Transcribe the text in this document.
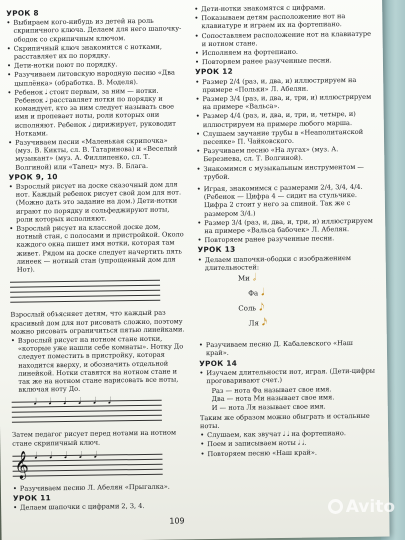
УРОК 8
• Выбираем кого-нибудь из детей на роль скрипичного ключа. Делаем для него шапочку-ободок со скрипичным ключом.
• Скрипичный ключ знакомится с нотками, расставляет их по порядку.
• Дети-нотки поют по порядку.
• Разучиваем литовскую народную песню «Два цыплёнка» (обработка. В. Моделя).
• Ребенок 𝅘𝅥 стоит первым, за ним — нотки. Ребенок 𝅘𝅥 расставляет нотки по порядку и командует, кто за ним следует называть свое имя и пропевает ноты, роли которых они исполняют. Ребенок 𝅘𝅥 дирижирует, руководит Нотками.
• Разучиваем песни «Маленькая скрипочка» (муз. В. Кикты, сл. В. Татаринова) и «Веселый музыкант» (муз. А. Филлипенко, сл. Т. Волгиной) или «Танец» муз. В. Блага.
УРОК 9, 10
• Взрослый рисует на доске сказочный дом для нот. Каждый ребенок рисует свой дом для нот. (Можно дать это задание на дом.) Дети-нотки играют по порядку и сольфеджируют ноты, роли которых исполняют.
• Взрослый рисует на классной доске дом, нотный стан, с полосами и пристройкой. Около каждого окна пишет имя нотки, которая там живет. Рядом на доске следует начертить пять линеек — нотный стан (упрощенный дом для Нот).
Взрослый объясняет детям, что каждый раз красивый дом для нот рисовать сложно, поэтому можно рисовать ограничиться пятью линейками.
• Взрослый рисует на нотном стане нотки, «которые уже нашли себе комнаты». Нотку До следует поместить в пристройку, которая находится вверху, и обозначить отдельной линейкой. Нотки ставятся на нотном стане и так же на нотном стане нарисовать все ноты, включая ноту До.
𝅘𝅥𝅘𝅥𝅘𝅥𝅘𝅥𝅘𝅥𝅘𝅥
Затем педагог рисует перед нотами на нотном стане скрипичный ключ.
𝄞 𝅘𝅥𝅘𝅥𝅘𝅥𝅘𝅥𝅘𝅥
• Разучиваем песню Л. Абелян «Прыгалка».
УРОК 11
• Делаем шапочки с цифрами 2, 3, 4.
• Дети-нотки знакомятся с цифрами.
• Показываем детям расположение нот на клавиатуре и играем их на фортепиано.
• Сопоставляем расположение нот на клавиатуре и нотном стане.
• Исполняем на фортепиано.
• Повторяем ранее разученные песни.
УРОК 12
• Размер 2/4 (раз, и, два, и) иллюстрируем на примере «Польки» Л. Абелян.
• Размер 3/4 (раз, и, два, и, три, и) иллюстрируем на примере «Вальса».
• Размер 4/4 (раз, и, два, и, три, и, четыре, и) иллюстрируем на примере любого марша.
• Слушаем звучание трубы в «Неаполитанской песенке» П. Чайковского.
• Разучиваем песню «На лугах» (муз. А. Березнева, сл. Т. Волгиной).
• Знакомимся с музыкальным инструментом — трубой.
• Играя, знакомимся с размерами 2/4, 3/4, 4/4. (Ребенок — Цифра 4 — сидит на стульчике. Цифра 2 стоит у него за спиной. Так же с размером 3/4.)
• Размер 3/4 (раз, и, два, и, три, и) иллюстрируем на примере «Вальса бабочек» Л. Абелян.
• Повторяем ранее разученные песни.
УРОК 13
• Делаем шапочки-ободки с изображением длительностей:
Ми 𝅗𝅥
Фа 𝅘𝅥
Соль 𝅘𝅥𝅮
Ля 𝅘𝅥𝅯
• Разучиваем песню Д. Кабалевского «Наш край».
УРОК 14
• Изучаем длительности нот, играя. (Дети-цифры проговаривают счет.)
Раз — нота Фа называет свое имя.
Два — нота Ми называет свое имя.
И — нота Ля называет свое имя.
Таким же образом можно обыграть и остальные ноты.
• Слушаем, как звучат 𝅘𝅥 𝅘𝅥 на фортепиано.
• Поем и записываем ноты 𝅘𝅥 𝅘𝅥.
• Повторяем песню «Наш край».
109
Avito
